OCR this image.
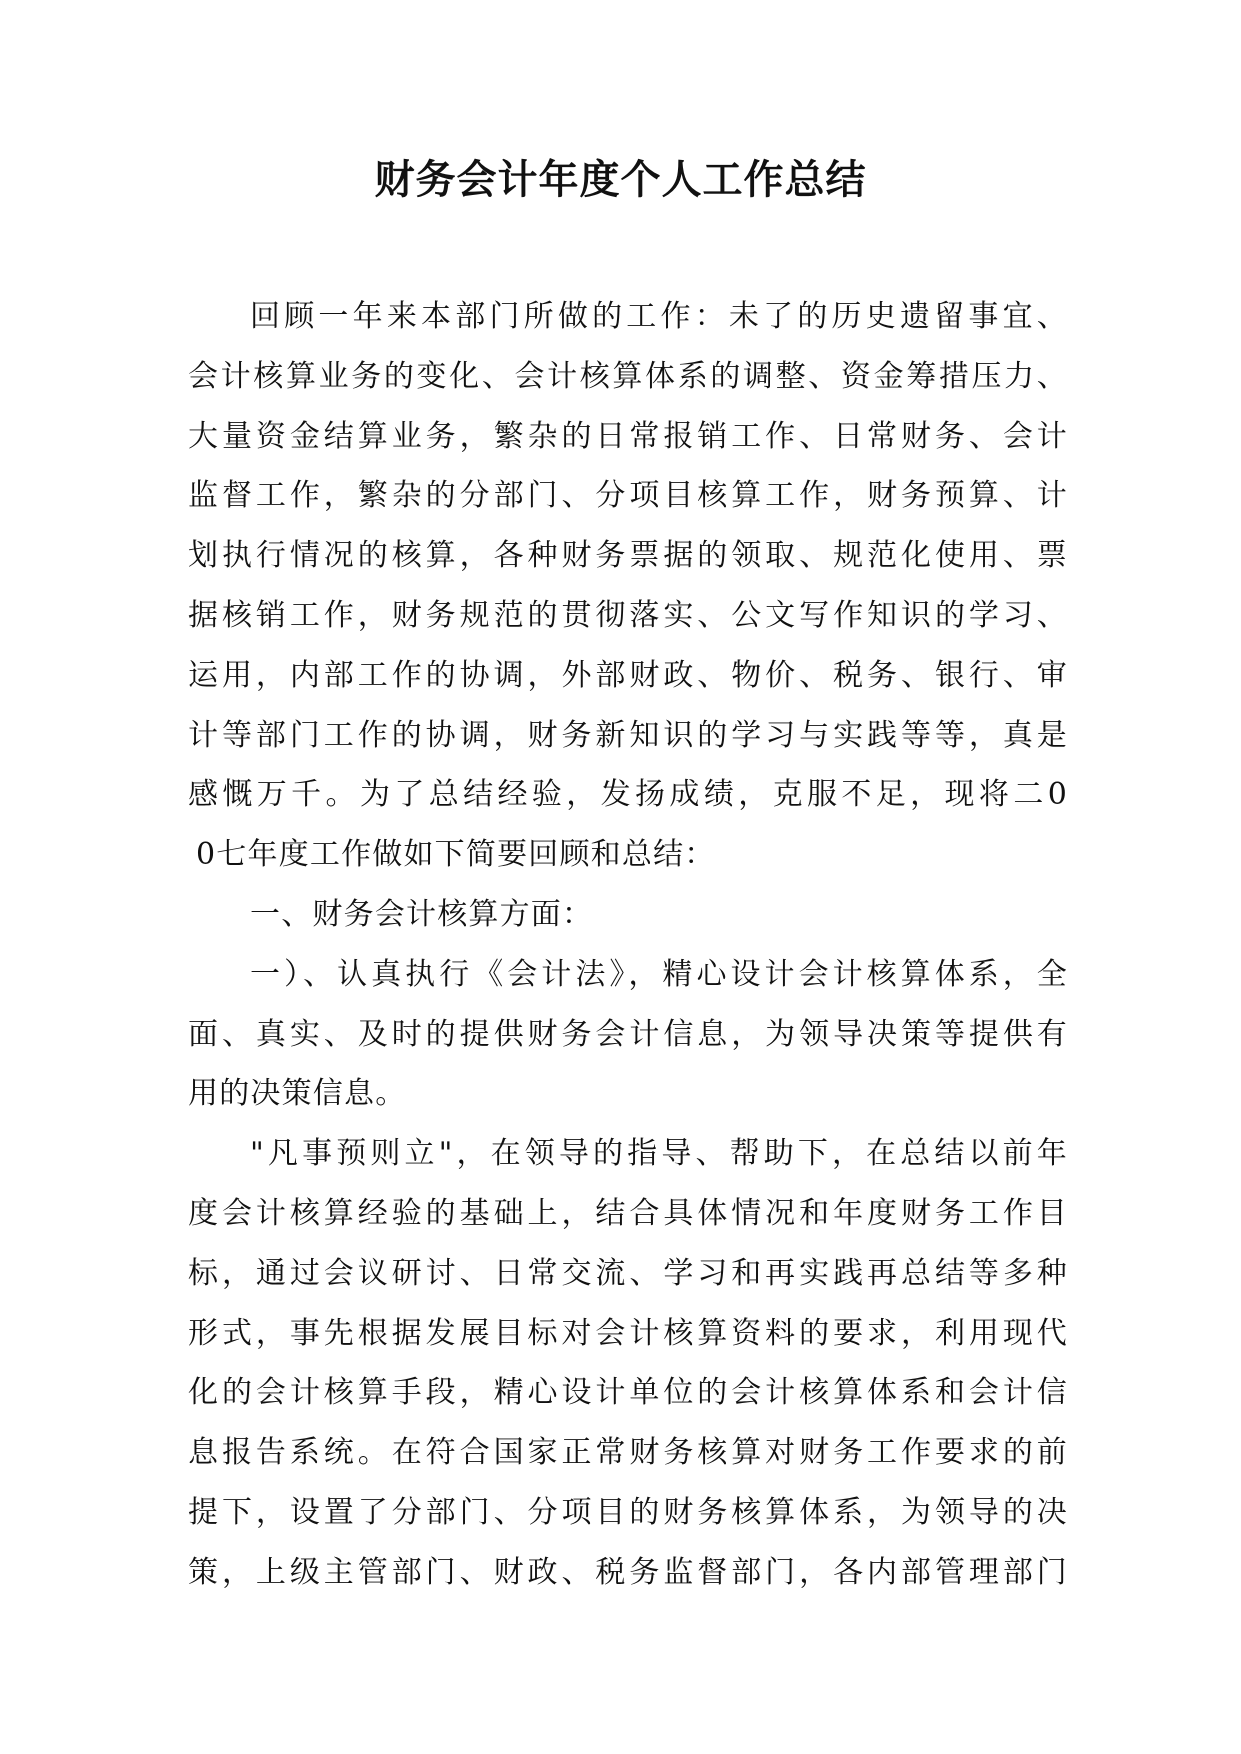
财务会计年度个人工作总结
回顾一年来本部门所做的工作：未了的历史遗留事宜、
会计核算业务的变化、会计核算体系的调整、资金筹措压力、
大量资金结算业务，繁杂的日常报销工作、日常财务、会计
监督工作，繁杂的分部门、分项目核算工作，财务预算、计
划执行情况的核算，各种财务票据的领取、规范化使用、票
据核销工作，财务规范的贯彻落实、公文写作知识的学习、
运用，内部工作的协调，外部财政、物价、税务、银行、审
计等部门工作的协调，财务新知识的学习与实践等等，真是
感慨万千。为了总结经验，发扬成绩，克服不足，现将二0
0七年度工作做如下简要回顾和总结：
一、财务会计核算方面：
一）、认真执行《会计法》，精心设计会计核算体系，全
面、真实、及时的提供财务会计信息，为领导决策等提供有
用的决策信息。
"凡事预则立"，在领导的指导、帮助下，在总结以前年
度会计核算经验的基础上，结合具体情况和年度财务工作目
标，通过会议研讨、日常交流、学习和再实践再总结等多种
形式，事先根据发展目标对会计核算资料的要求，利用现代
化的会计核算手段，精心设计单位的会计核算体系和会计信
息报告系统。在符合国家正常财务核算对财务工作要求的前
提下，设置了分部门、分项目的财务核算体系，为领导的决
策，上级主管部门、财政、税务监督部门，各内部管理部门
